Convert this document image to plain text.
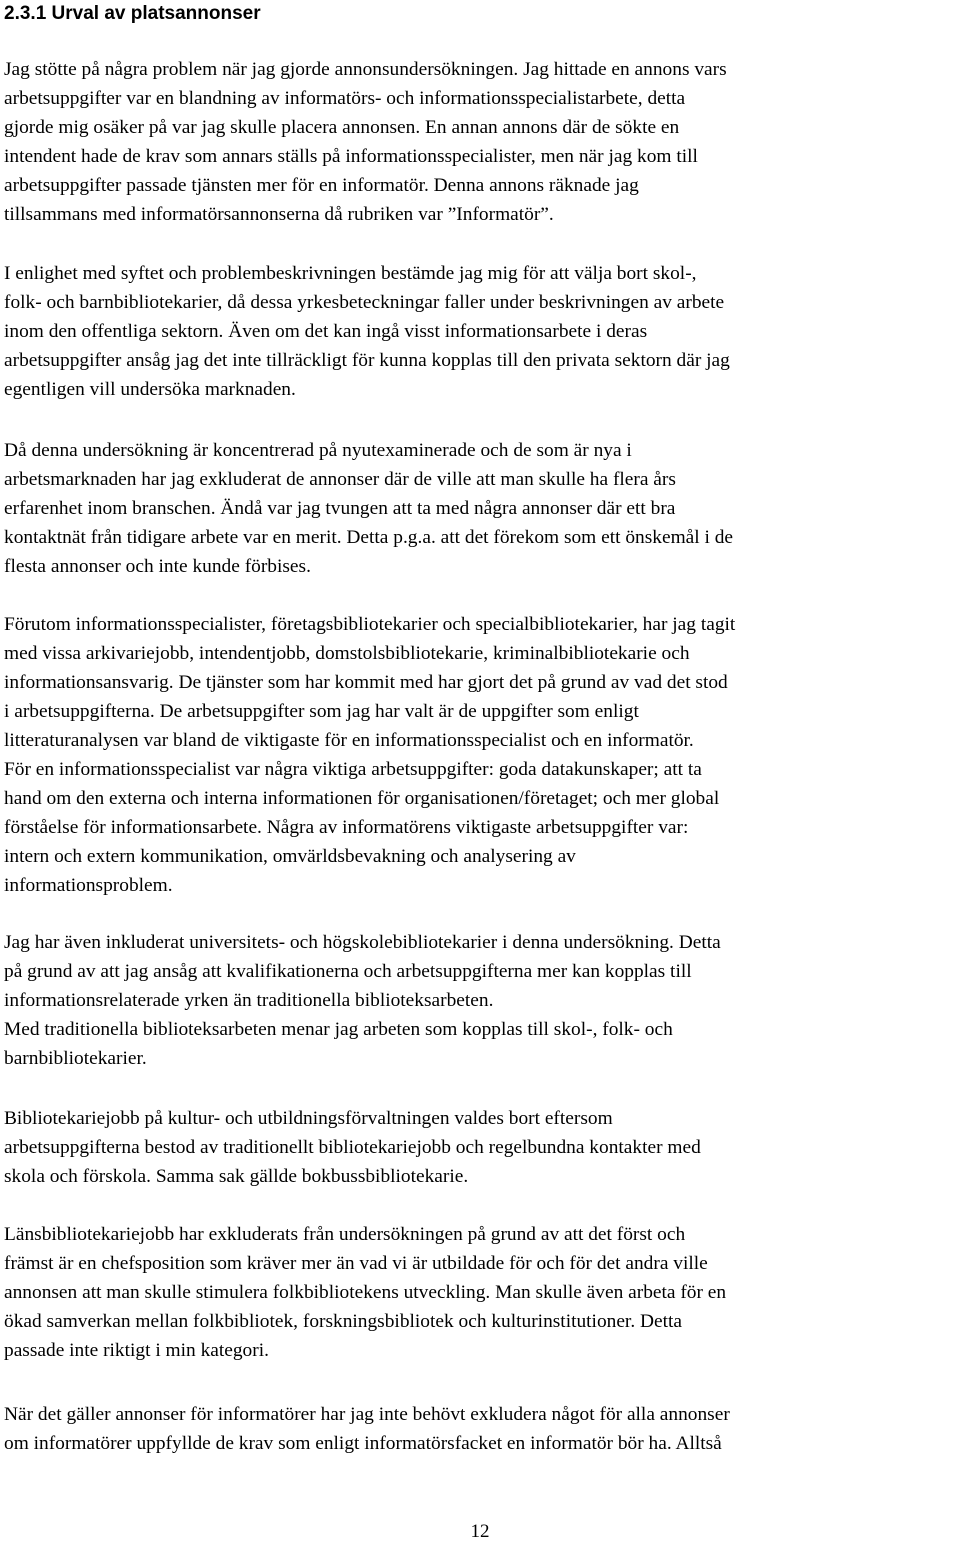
2.3.1 Urval av platsannonser

Jag stötte på några problem när jag gjorde annonsundersökningen. Jag hittade en annons vars
arbetsuppgifter var en blandning av informatörs- och informationsspecialistarbete, detta
gjorde mig osäker på var jag skulle placera annonsen. En annan annons där de sökte en
intendent hade de krav som annars ställs på informationsspecialister, men när jag kom till
arbetsuppgifter passade tjänsten mer för en informatör. Denna annons räknade jag
tillsammans med informatörsannonserna då rubriken var ”Informatör”.

I enlighet med syftet och problembeskrivningen bestämde jag mig för att välja bort skol-,
folk- och barnbibliotekarier, då dessa yrkesbeteckningar faller under beskrivningen av arbete
inom den offentliga sektorn. Även om det kan ingå visst informationsarbete i deras
arbetsuppgifter ansåg jag det inte tillräckligt för kunna kopplas till den privata sektorn där jag
egentligen vill undersöka marknaden.

Då denna undersökning är koncentrerad på nyutexaminerade och de som är nya i
arbetsmarknaden har jag exkluderat de annonser där de ville att man skulle ha flera års
erfarenhet inom branschen. Ändå var jag tvungen att ta med några annonser där ett bra
kontaktnät från tidigare arbete var en merit. Detta p.g.a. att det förekom som ett önskemål i de
flesta annonser och inte kunde förbises.

Förutom informationsspecialister, företagsbibliotekarier och specialbibliotekarier, har jag tagit
med vissa arkivariejobb, intendentjobb, domstolsbibliotekarie, kriminalbibliotekarie och
informationsansvarig. De tjänster som har kommit med har gjort det på grund av vad det stod
i arbetsuppgifterna. De arbetsuppgifter som jag har valt är de uppgifter som enligt
litteraturanalysen var bland de viktigaste för en informationsspecialist och en informatör.
För en informationsspecialist var några viktiga arbetsuppgifter: goda datakunskaper; att ta
hand om den externa och interna informationen för organisationen/företaget; och mer global
förståelse för informationsarbete. Några av informatörens viktigaste arbetsuppgifter var:
intern och extern kommunikation, omvärldsbevakning och analysering av
informationsproblem.

Jag har även inkluderat universitets- och högskolebibliotekarier i denna undersökning. Detta
på grund av att jag ansåg att kvalifikationerna och arbetsuppgifterna mer kan kopplas till
informationsrelaterade yrken än traditionella biblioteksarbeten.
Med traditionella biblioteksarbeten menar jag arbeten som kopplas till skol-, folk- och
barnbibliotekarier.

Bibliotekariejobb på kultur- och utbildningsförvaltningen valdes bort eftersom
arbetsuppgifterna bestod av traditionellt bibliotekariejobb och regelbundna kontakter med
skola och förskola. Samma sak gällde bokbussbibliotekarie.

Länsbibliotekariejobb har exkluderats från undersökningen på grund av att det först och
främst är en chefsposition som kräver mer än vad vi är utbildade för och för det andra ville
annonsen att man skulle stimulera folkbibliotekens utveckling. Man skulle även arbeta för en
ökad samverkan mellan folkbibliotek, forskningsbibliotek och kulturinstitutioner. Detta
passade inte riktigt i min kategori.

När det gäller annonser för informatörer har jag inte behövt exkludera något för alla annonser
om informatörer uppfyllde de krav som enligt informatörsfacket en informatör bör ha. Alltså

12
